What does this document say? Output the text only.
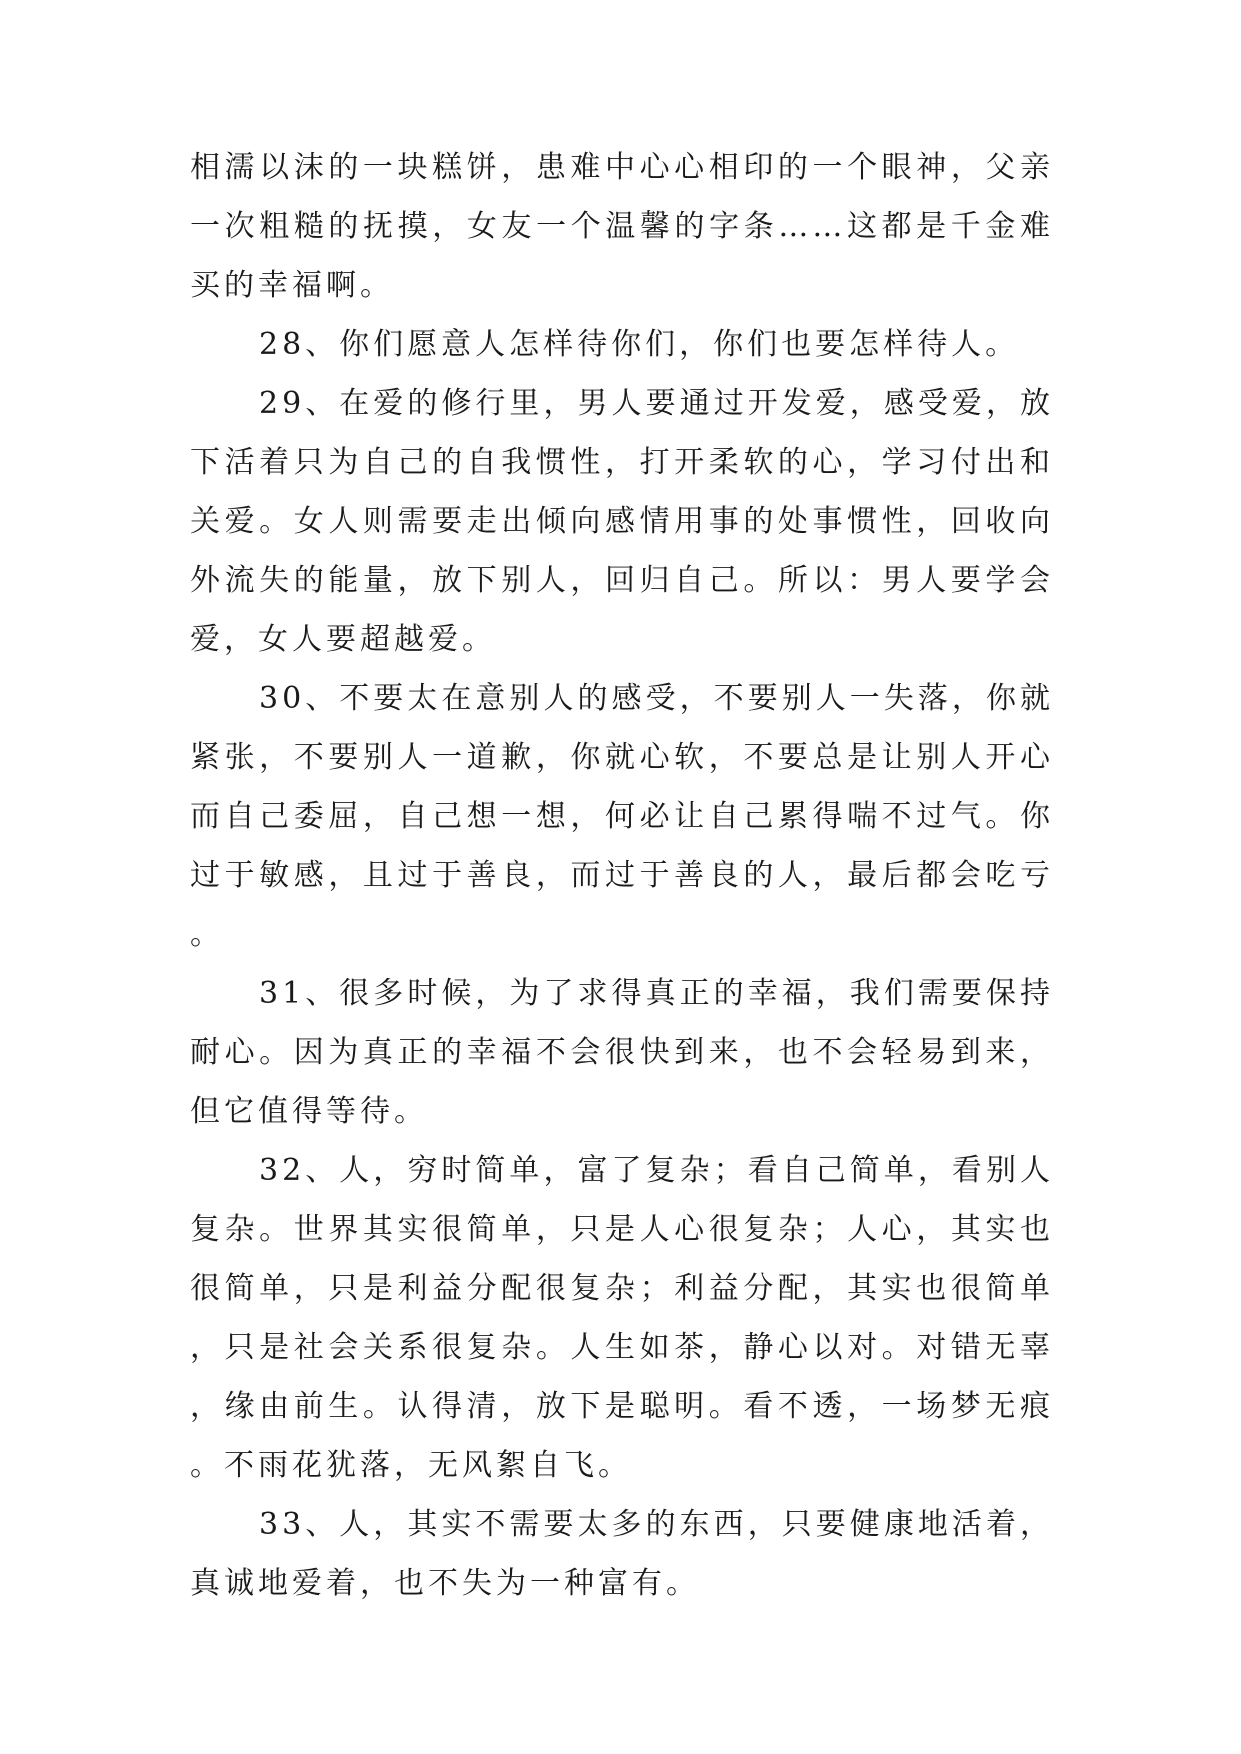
相濡以沫的一块糕饼，患难中心心相印的一个眼神，父亲一次粗糙的抚摸，女友一个温馨的字条……这都是千金难买的幸福啊。

28、你们愿意人怎样待你们，你们也要怎样待人。

29、在爱的修行里，男人要通过开发爱，感受爱，放下活着只为自己的自我惯性，打开柔软的心，学习付出和关爱。女人则需要走出倾向感情用事的处事惯性，回收向外流失的能量，放下别人，回归自己。所以：男人要学会爱，女人要超越爱。

30、不要太在意别人的感受，不要别人一失落，你就紧张，不要别人一道歉，你就心软，不要总是让别人开心而自己委屈，自己想一想，何必让自己累得喘不过气。你过于敏感，且过于善良，而过于善良的人，最后都会吃亏。

31、很多时候，为了求得真正的幸福，我们需要保持耐心。因为真正的幸福不会很快到来，也不会轻易到来，但它值得等待。

32、人，穷时简单，富了复杂；看自己简单，看别人复杂。世界其实很简单，只是人心很复杂；人心，其实也很简单，只是利益分配很复杂；利益分配，其实也很简单，只是社会关系很复杂。人生如茶，静心以对。对错无辜，缘由前生。认得清，放下是聪明。看不透，一场梦无痕。不雨花犹落，无风絮自飞。

33、人，其实不需要太多的东西，只要健康地活着，真诚地爱着，也不失为一种富有。
